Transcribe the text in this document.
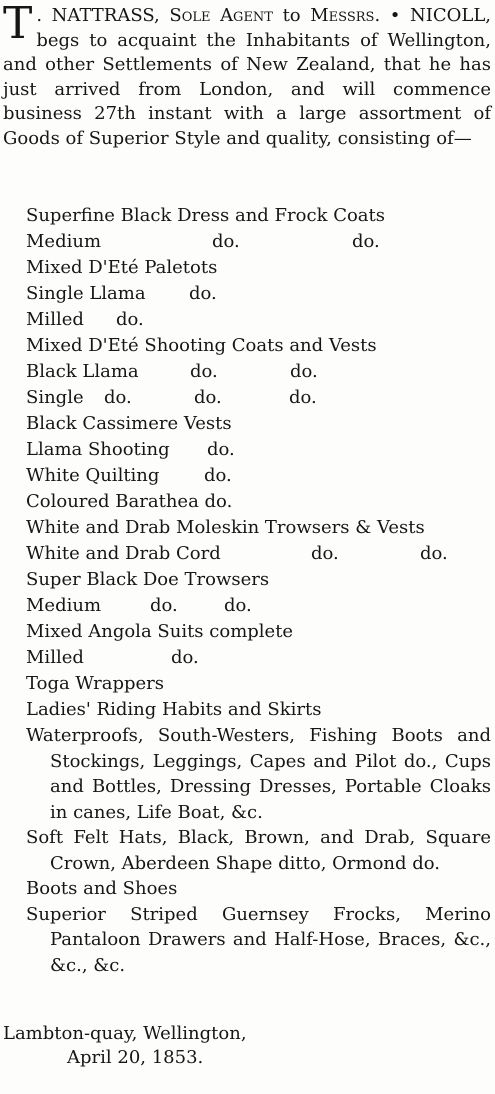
T . NATTRASS, Sole Agent to Messrs. • NICOLL, begs to acquaint the Inhabitants of Wellington, and other Settlements of New Zealand, that he has just arrived from London, and will commence business 27th instant with a large assortment of Goods of Superior Style and quality, consisting of—
Superfine Black Dress and Frock Coats
Medium	do.	do.
Mixed D'Eté Paletots
Single Llama do.
Milled do.
Mixed D'Eté Shooting Coats and Vests
Black Llama	do.	do.
Single do.	do.	do.
Black Cassimere Vests
Llama Shooting do.
White Quilting do.
Coloured Barathea do.
White and Drab Moleskin Trowsers & Vests
White and Drab Cord	do.	do.
Super Black Doe Trowsers
Medium	do.	do.
Mixed Angola Suits complete
Milled	do.
Toga Wrappers
Ladies' Riding Habits and Skirts

Waterproofs, South-Westers, Fishing Boots and Stockings, Leggings, Capes and Pilot do., Cups and Bottles, Dressing Dresses, Portable Cloaks in canes, Life Boat, &c.

Soft Felt Hats, Black, Brown, and Drab, Square Crown, Aberdeen Shape ditto, Ormond do.

Boots and Shoes

Superior Striped Guernsey Frocks, Merino Pantaloon Drawers and Half-Hose, Braces, &c., &c., &c.

Lambton-quay, Wellington,
April 20, 1853.
